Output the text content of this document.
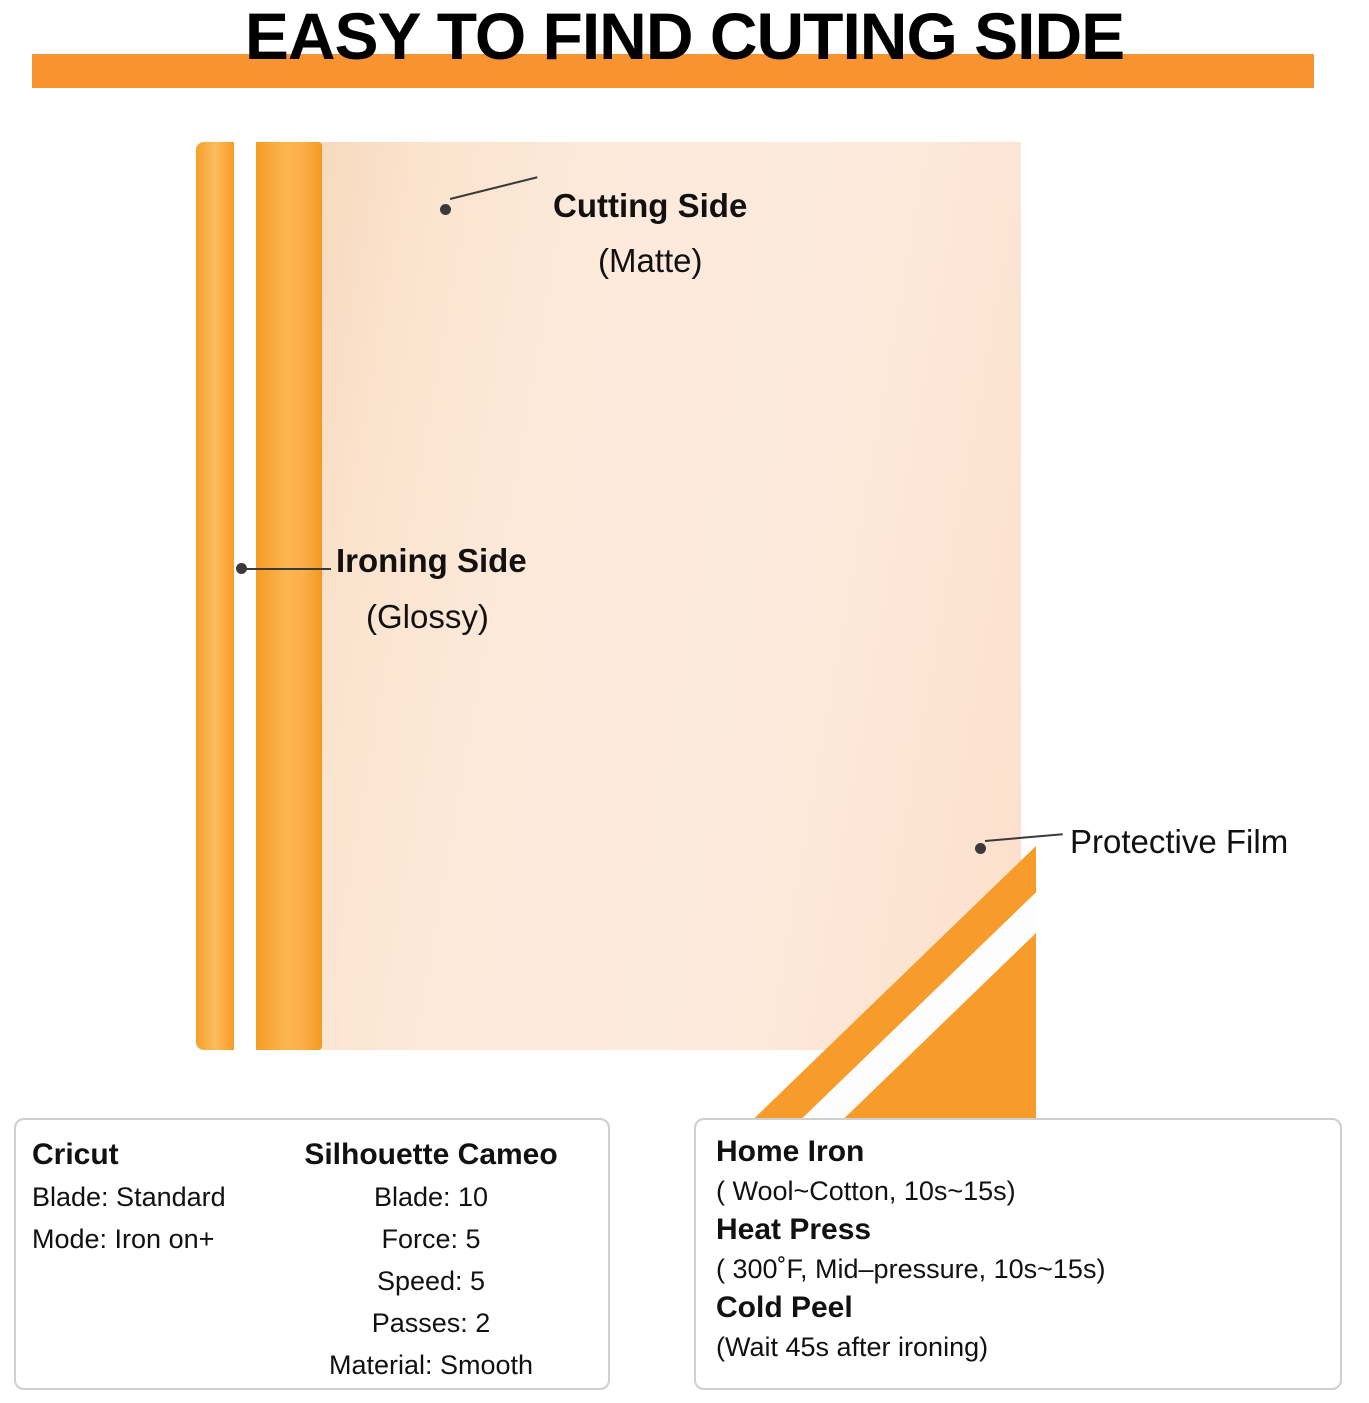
EASY TO FIND CUTING SIDE
Cutting Side
(Matte)
Ironing Side
(Glossy)
Protective Film
Cricut
Blade: Standard
Mode: Iron on+
Silhouette Cameo
Blade: 10
Force: 5
Speed: 5
Passes: 2
Material: Smooth
Home Iron
( Wool~Cotton, 10s~15s)
Heat Press
( 300˚F, Mid–pressure, 10s~15s)
Cold Peel
(Wait 45s after ironing)
